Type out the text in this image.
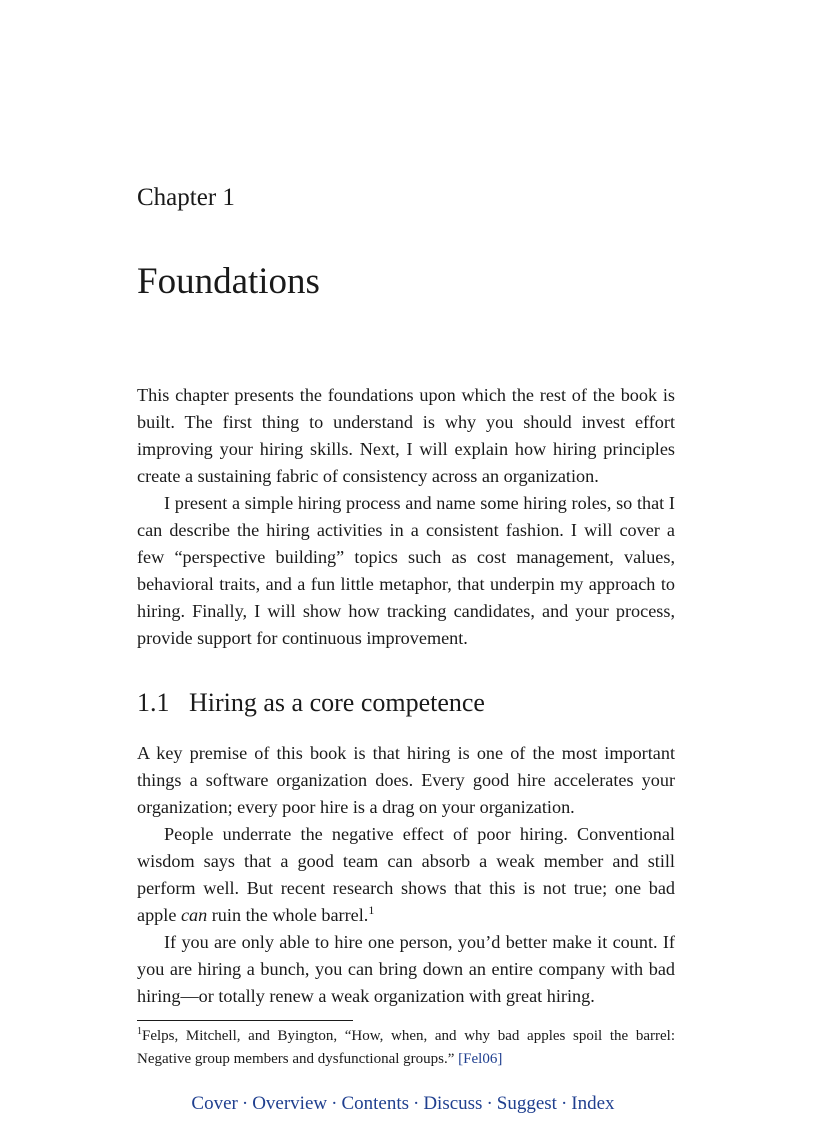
Chapter 1
Foundations

This chapter presents the foundations upon which the rest of the book is built. The first thing to understand is why you should invest effort improving your hiring skills. Next, I will explain how hiring principles create a sustaining fabric of consistency across an organization.

I present a simple hiring process and name some hiring roles, so that I can describe the hiring activities in a consistent fashion. I will cover a few “perspective building” topics such as cost management, values, behavioral traits, and a fun little metaphor, that underpin my approach to hiring. Finally, I will show how tracking candidates, and your process, provide support for continuous improvement.

1.1 Hiring as a core competence

A key premise of this book is that hiring is one of the most important things a software organization does. Every good hire accelerates your organization; every poor hire is a drag on your organization.

People underrate the negative effect of poor hiring. Conventional wisdom says that a good team can absorb a weak member and still perform well. But recent research shows that this is not true; one bad apple can ruin the whole barrel.$^1$

If you are only able to hire one person, you’d better make it count. If you are hiring a bunch, you can bring down an entire company with bad hiring—or totally renew a weak organization with great hiring.

$^1$Felps, Mitchell, and Byington, “How, when, and why bad apples spoil the barrel: Negative group members and dysfunctional groups.” [Fel06]
Cover · Overview · Contents · Discuss · Suggest · Index
